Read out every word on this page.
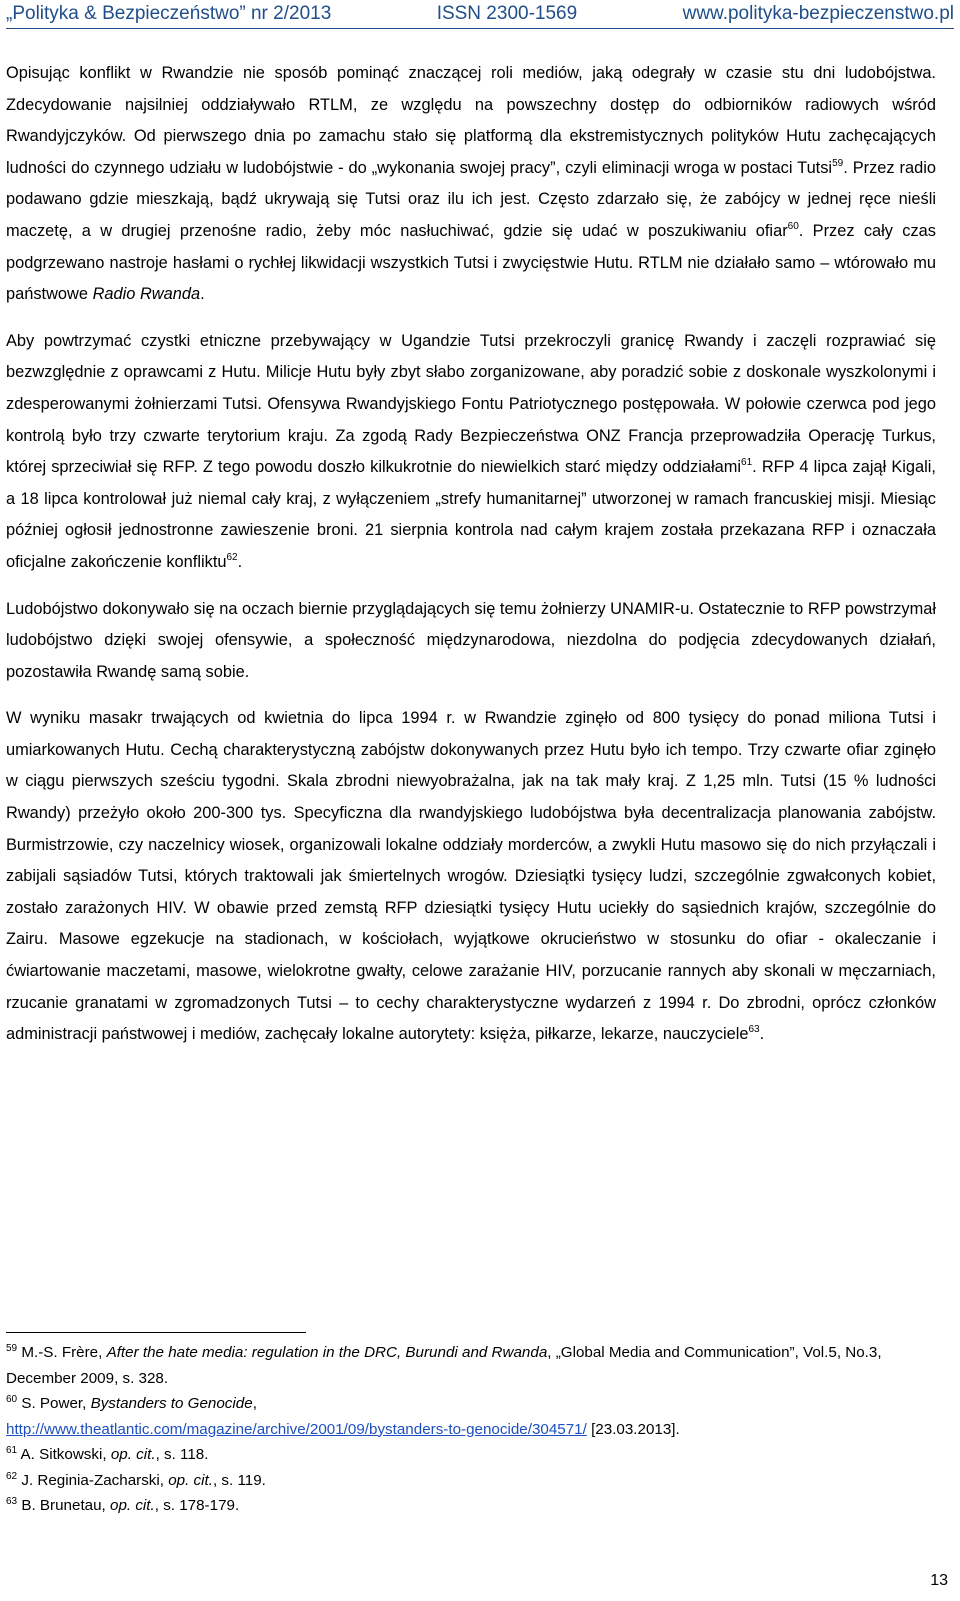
„Polityka & Bezpieczeństwo” nr 2/2013	ISSN 2300-1569	www.polityka-bezpieczenstwo.pl

Opisując konflikt w Rwandzie nie sposób pominąć znaczącej roli mediów, jaką odegrały w czasie stu dni ludobójstwa. Zdecydowanie najsilniej oddziaływało RTLM, ze względu na powszechny dostęp do odbiorników radiowych wśród Rwandyjczyków. Od pierwszego dnia po zamachu stało się platformą dla ekstremistycznych polityków Hutu zachęcających ludności do czynnego udziału w ludobójstwie - do „wykonania swojej pracy”, czyli eliminacji wroga w postaci Tutsi$^{59}$. Przez radio podawano gdzie mieszkają, bądź ukrywają się Tutsi oraz ilu ich jest. Często zdarzało się, że zabójcy w jednej ręce nieśli maczetę, a w drugiej przenośne radio, żeby móc nasłuchiwać, gdzie się udać w poszukiwaniu ofiar$^{60}$. Przez cały czas podgrzewano nastroje hasłami o rychłej likwidacji wszystkich Tutsi i zwycięstwie Hutu. RTLM nie działało samo – wtórowało mu państwowe Radio Rwanda.

Aby powtrzymać czystki etniczne przebywający w Ugandzie Tutsi przekroczyli granicę Rwandy i zaczęli rozprawiać się bezwzględnie z oprawcami z Hutu. Milicje Hutu były zbyt słabo zorganizowane, aby poradzić sobie z doskonale wyszkolonymi i zdesperowanymi żołnierzami Tutsi. Ofensywa Rwandyjskiego Fontu Patriotycznego postępowała. W połowie czerwca pod jego kontrolą było trzy czwarte terytorium kraju. Za zgodą Rady Bezpieczeństwa ONZ Francja przeprowadziła Operację Turkus, której sprzeciwiał się RFP. Z tego powodu doszło kilkukrotnie do niewielkich starć między oddziałami$^{61}$. RFP 4 lipca zajął Kigali, a 18 lipca kontrolował już niemal cały kraj, z wyłączeniem „strefy humanitarnej” utworzonej w ramach francuskiej misji. Miesiąc później ogłosił jednostronne zawieszenie broni. 21 sierpnia kontrola nad całym krajem została przekazana RFP i oznaczała oficjalne zakończenie konfliktu$^{62}$.

Ludobójstwo dokonywało się na oczach biernie przyglądających się temu żołnierzy UNAMIR-u. Ostatecznie to RFP powstrzymał ludobójstwo dzięki swojej ofensywie, a społeczność międzynarodowa, niezdolna do podjęcia zdecydowanych działań, pozostawiła Rwandę samą sobie.

W wyniku masakr trwających od kwietnia do lipca 1994 r. w Rwandzie zginęło od 800 tysięcy do ponad miliona Tutsi i umiarkowanych Hutu. Cechą charakterystyczną zabójstw dokonywanych przez Hutu było ich tempo. Trzy czwarte ofiar zginęło w ciągu pierwszych sześciu tygodni. Skala zbrodni niewyobrażalna, jak na tak mały kraj. Z 1,25 mln. Tutsi (15 % ludności Rwandy) przeżyło około 200-300 tys. Specyficzna dla rwandyjskiego ludobójstwa była decentralizacja planowania zabójstw. Burmistrzowie, czy naczelnicy wiosek, organizowali lokalne oddziały morderców, a zwykli Hutu masowo się do nich przyłączali i zabijali sąsiadów Tutsi, których traktowali jak śmiertelnych wrogów. Dziesiątki tysięcy ludzi, szczególnie zgwałconych kobiet, zostało zarażonych HIV. W obawie przed zemstą RFP dziesiątki tysięcy Hutu uciekły do sąsiednich krajów, szczególnie do Zairu. Masowe egzekucje na stadionach, w kościołach, wyjątkowe okrucieństwo w stosunku do ofiar - okaleczanie i ćwiartowanie maczetami, masowe, wielokrotne gwałty, celowe zarażanie HIV, porzucanie rannych aby skonali w męczarniach, rzucanie granatami w zgromadzonych Tutsi – to cechy charakterystyczne wydarzeń z 1994 r. Do zbrodni, oprócz członków administracji państwowej i mediów, zachęcały lokalne autorytety: księża, piłkarze, lekarze, nauczyciele$^{63}$.

$^{59}$ M.-S. Frère, After the hate media: regulation in the DRC, Burundi and Rwanda, „Global Media and Communication”, Vol.5, No.3, December 2009, s. 328.

$^{60}$ S. Power, Bystanders to Genocide,
http://www.theatlantic.com/magazine/archive/2001/09/bystanders-to-genocide/304571/ [23.03.2013].

$^{61}$ A. Sitkowski, op. cit., s. 118.

$^{62}$ J. Reginia-Zacharski, op. cit., s. 119.

$^{63}$ B. Brunetau, op. cit., s. 178-179.

13
